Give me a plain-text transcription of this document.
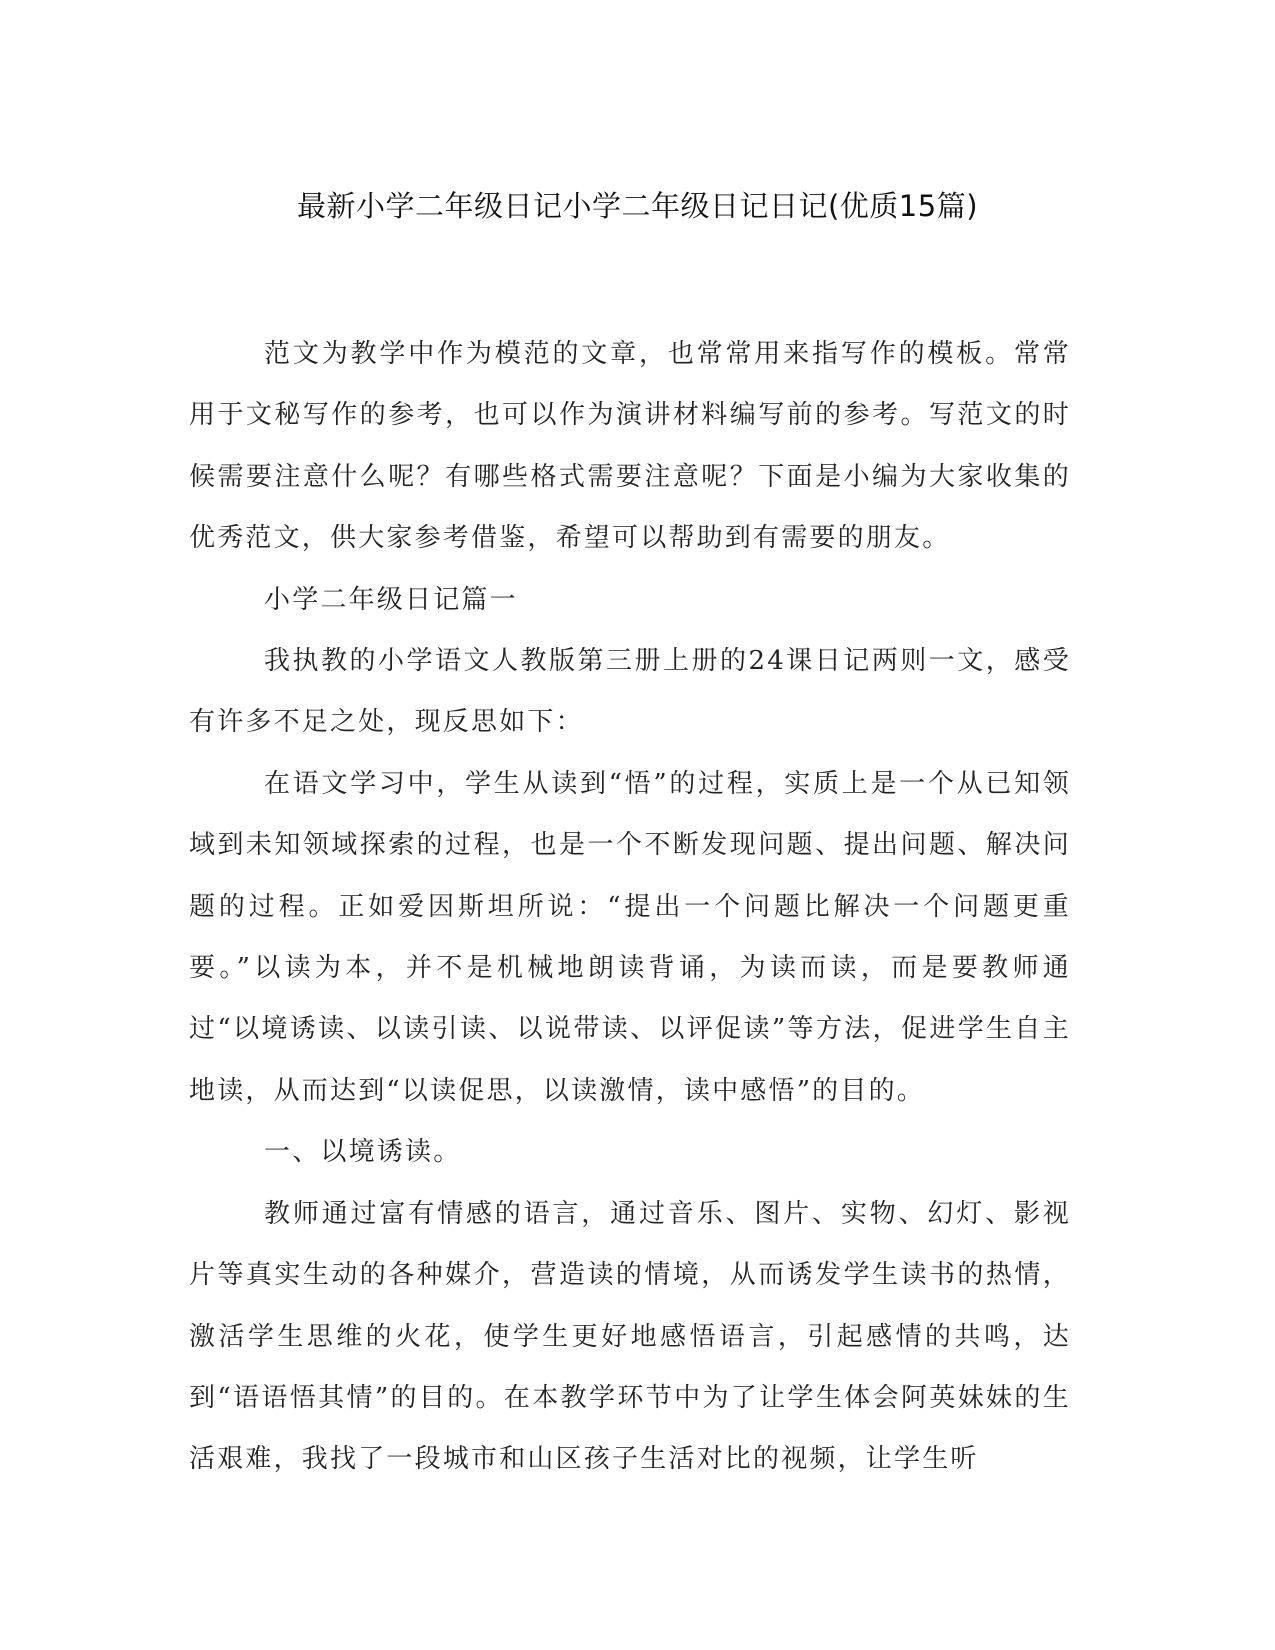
最新小学二年级日记小学二年级日记日记(优质15篇)

范文为教学中作为模范的文章，也常常用来指写作的模板。常常用于文秘写作的参考，也可以作为演讲材料编写前的参考。写范文的时候需要注意什么呢？有哪些格式需要注意呢？下面是小编为大家收集的优秀范文，供大家参考借鉴，希望可以帮助到有需要的朋友。

小学二年级日记篇一

我执教的小学语文人教版第三册上册的24课日记两则一文，感受有许多不足之处，现反思如下：

在语文学习中，学生从读到“悟”的过程，实质上是一个从已知领域到未知领域探索的过程，也是一个不断发现问题、提出问题、解决问题的过程。正如爱因斯坦所说：“提出一个问题比解决一个问题更重要。”以读为本，并不是机械地朗读背诵，为读而读，而是要教师通过“以境诱读、以读引读、以说带读、以评促读”等方法，促进学生自主地读，从而达到“以读促思，以读激情，读中感悟”的目的。

一、以境诱读。

教师通过富有情感的语言，通过音乐、图片、实物、幻灯、影视片等真实生动的各种媒介，营造读的情境，从而诱发学生读书的热情，激活学生思维的火花，使学生更好地感悟语言，引起感情的共鸣，达到“语语悟其情”的目的。在本教学环节中为了让学生体会阿英妹妹的生活艰难，我找了一段城市和山区孩子生活对比的视频，让学生听
